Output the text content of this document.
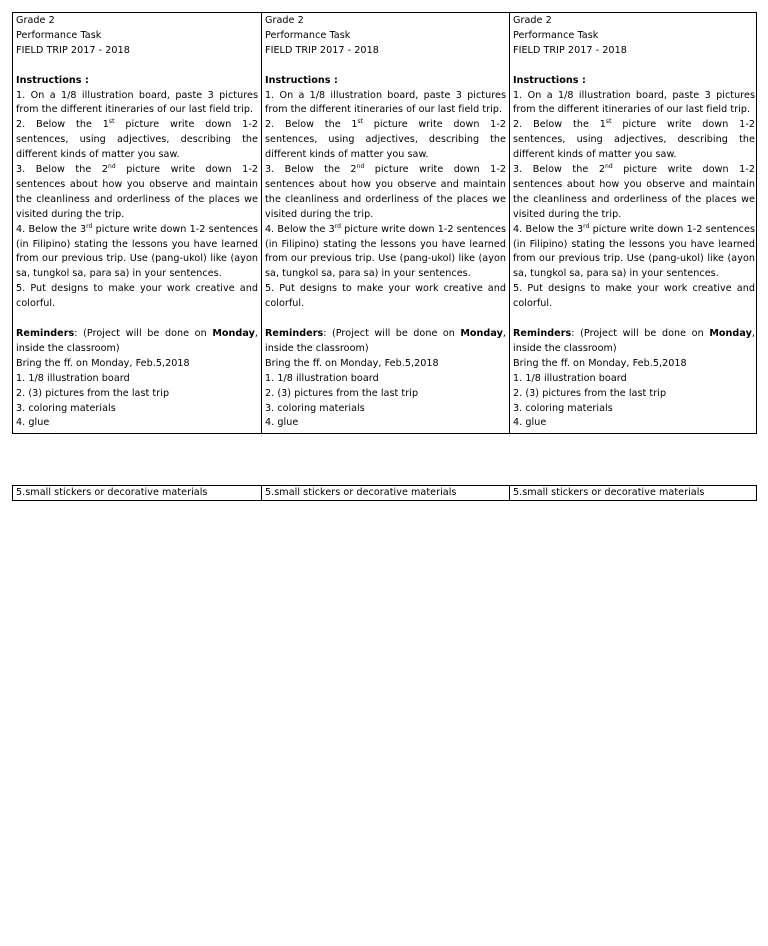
Grade 2
Performance Task
FIELD TRIP 2017 - 2018
Instructions :
1. On a 1/8 illustration board, paste 3 pictures from the different itineraries of our last field trip.
2. Below the 1st picture write down 1-2 sentences, using adjectives, describing the different kinds of matter you saw.
3. Below the 2nd picture write down 1-2 sentences about how you observe and maintain the cleanliness and orderliness of the places we visited during the trip.
4. Below the 3rd picture write down 1-2 sentences (in Filipino) stating the lessons you have learned from our previous trip. Use (pang-ukol) like (ayon sa, tungkol sa, para sa) in your sentences.
5. Put designs to make your work creative and colorful.
Reminders: (Project will be done on Monday, inside the classroom)
Bring the ff. on Monday, Feb.5,2018
1. 1/8 illustration board
2. (3) pictures from the last trip
3. coloring materials
4. glue
Grade 2
Performance Task
FIELD TRIP 2017 - 2018
Instructions :
1. On a 1/8 illustration board, paste 3 pictures from the different itineraries of our last field trip.
2. Below the 1st picture write down 1-2 sentences, using adjectives, describing the different kinds of matter you saw.
3. Below the 2nd picture write down 1-2 sentences about how you observe and maintain the cleanliness and orderliness of the places we visited during the trip.
4. Below the 3rd picture write down 1-2 sentences (in Filipino) stating the lessons you have learned from our previous trip. Use (pang-ukol) like (ayon sa, tungkol sa, para sa) in your sentences.
5. Put designs to make your work creative and colorful.
Reminders: (Project will be done on Monday, inside the classroom)
Bring the ff. on Monday, Feb.5,2018
1. 1/8 illustration board
2. (3) pictures from the last trip
3. coloring materials
4. glue
Grade 2
Performance Task
FIELD TRIP 2017 - 2018
Instructions :
1. On a 1/8 illustration board, paste 3 pictures from the different itineraries of our last field trip.
2. Below the 1st picture write down 1-2 sentences, using adjectives, describing the different kinds of matter you saw.
3. Below the 2nd picture write down 1-2 sentences about how you observe and maintain the cleanliness and orderliness of the places we visited during the trip.
4. Below the 3rd picture write down 1-2 sentences (in Filipino) stating the lessons you have learned from our previous trip. Use (pang-ukol) like (ayon sa, tungkol sa, para sa) in your sentences.
5. Put designs to make your work creative and colorful.
Reminders: (Project will be done on Monday, inside the classroom)
Bring the ff. on Monday, Feb.5,2018
1. 1/8 illustration board
2. (3) pictures from the last trip
3. coloring materials
4. glue
5.small stickers or decorative materials	5.small stickers or decorative materials	5.small stickers or decorative materials
